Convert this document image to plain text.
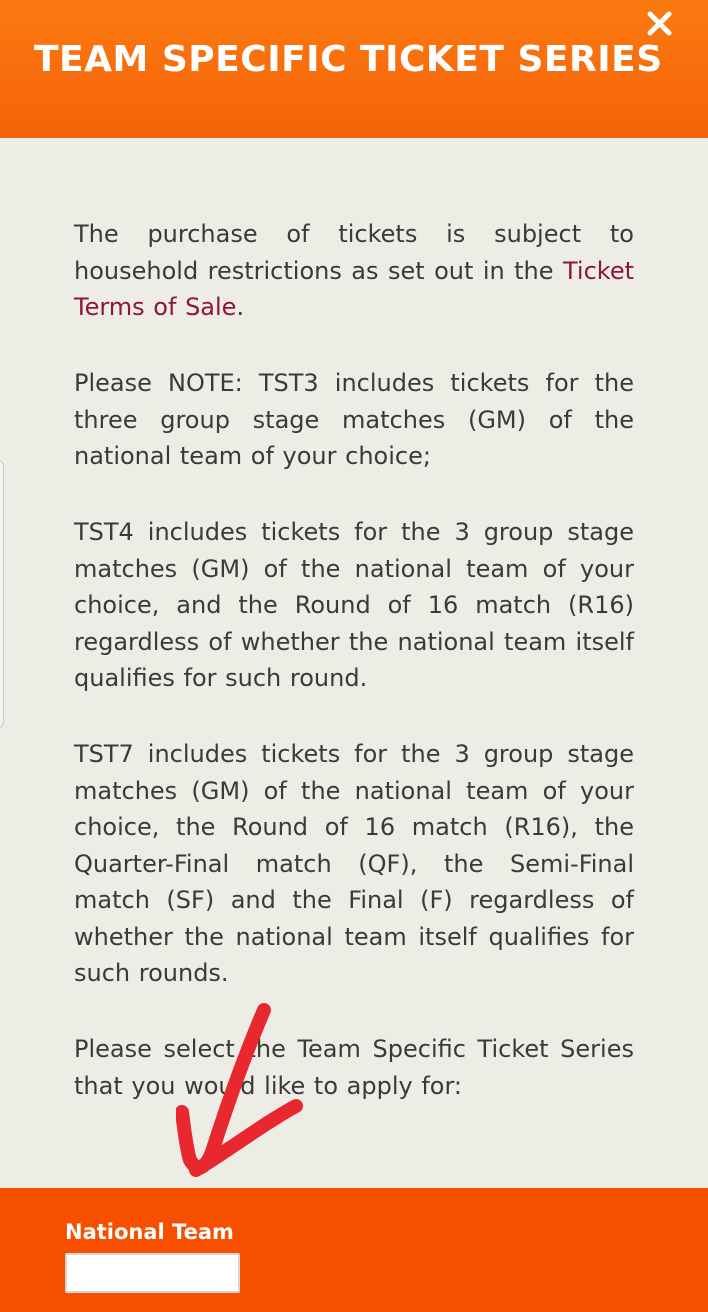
TEAM SPECIFIC TICKET SERIES

The purchase of tickets is subject to household restrictions as set out in the Ticket Terms of Sale.

Please NOTE: TST3 includes tickets for the three group stage matches (GM) of the national team of your choice;

TST4 includes tickets for the 3 group stage matches (GM) of the national team of your choice, and the Round of 16 match (R16) regardless of whether the national team itself qualifies for such round.

TST7 includes tickets for the 3 group stage matches (GM) of the national team of your choice, the Round of 16 match (R16), the Quarter-Final match (QF), the Semi-Final match (SF) and the Final (F) regardless of whether the national team itself qualifies for such rounds.

Please select the Team Specific Ticket Series that you would like to apply for:

National Team
